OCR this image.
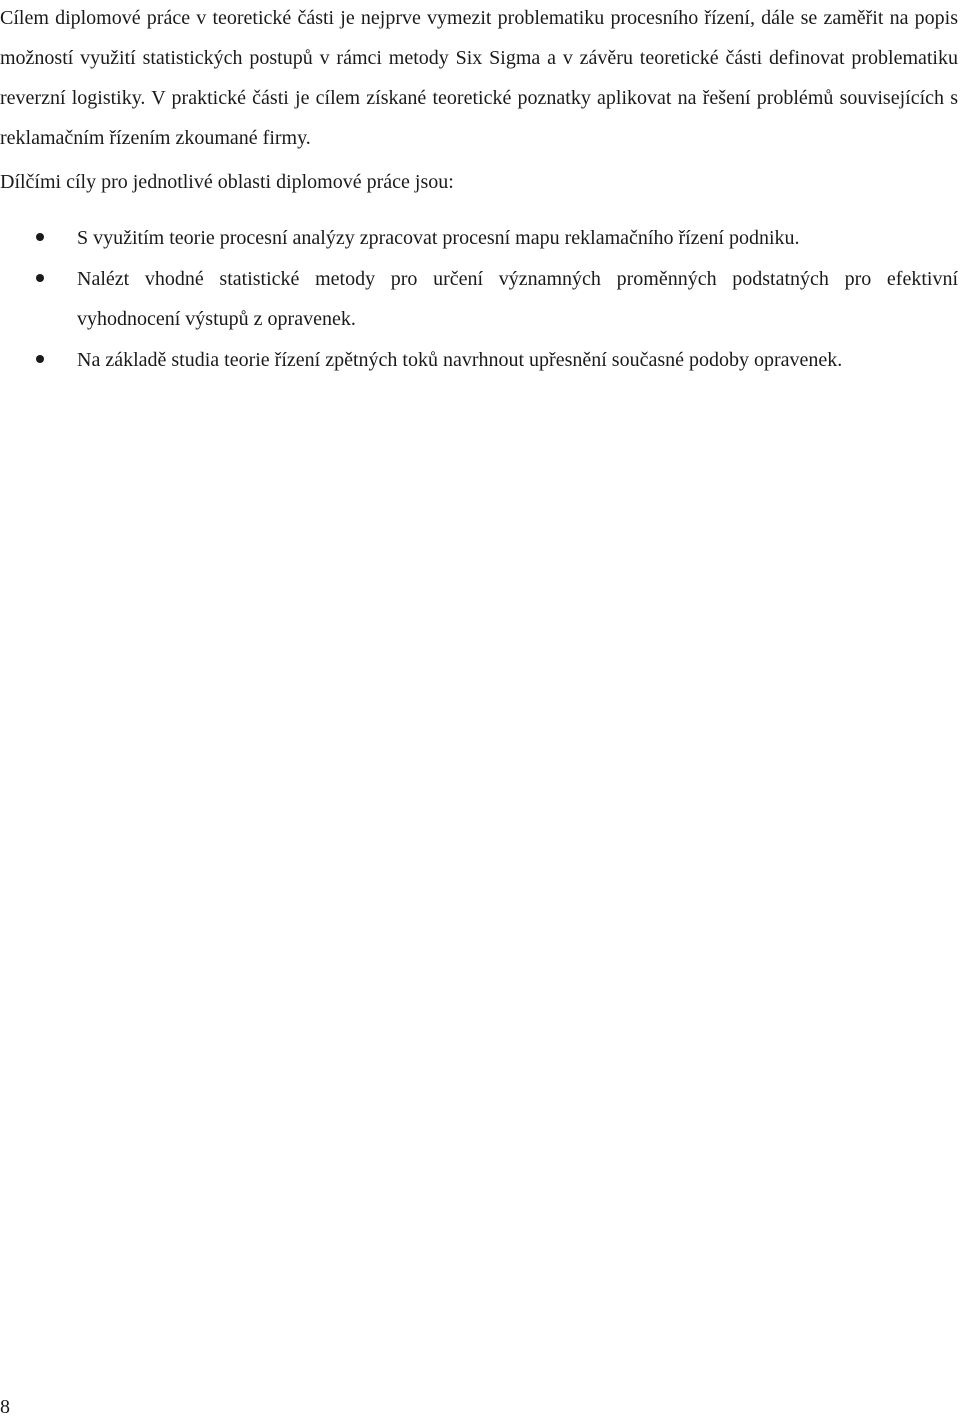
Cílem diplomové práce v teoretické části je nejprve vymezit problematiku procesního řízení, dále se zaměřit na popis možností využití statistických postupů v rámci metody Six Sigma a v závěru teoretické části definovat problematiku reverzní logistiky. V praktické části je cílem získané teoretické poznatky aplikovat na řešení problémů souvisejících s reklamačním řízením zkoumané firmy.

Dílčími cíly pro jednotlivé oblasti diplomové práce jsou:

S využitím teorie procesní analýzy zpracovat procesní mapu reklamačního řízení podniku.
Nalézt vhodné statistické metody pro určení významných proměnných podstatných pro efektivní vyhodnocení výstupů z opravenek.
Na základě studia teorie řízení zpětných toků navrhnout upřesnění současné podoby opravenek.
8
